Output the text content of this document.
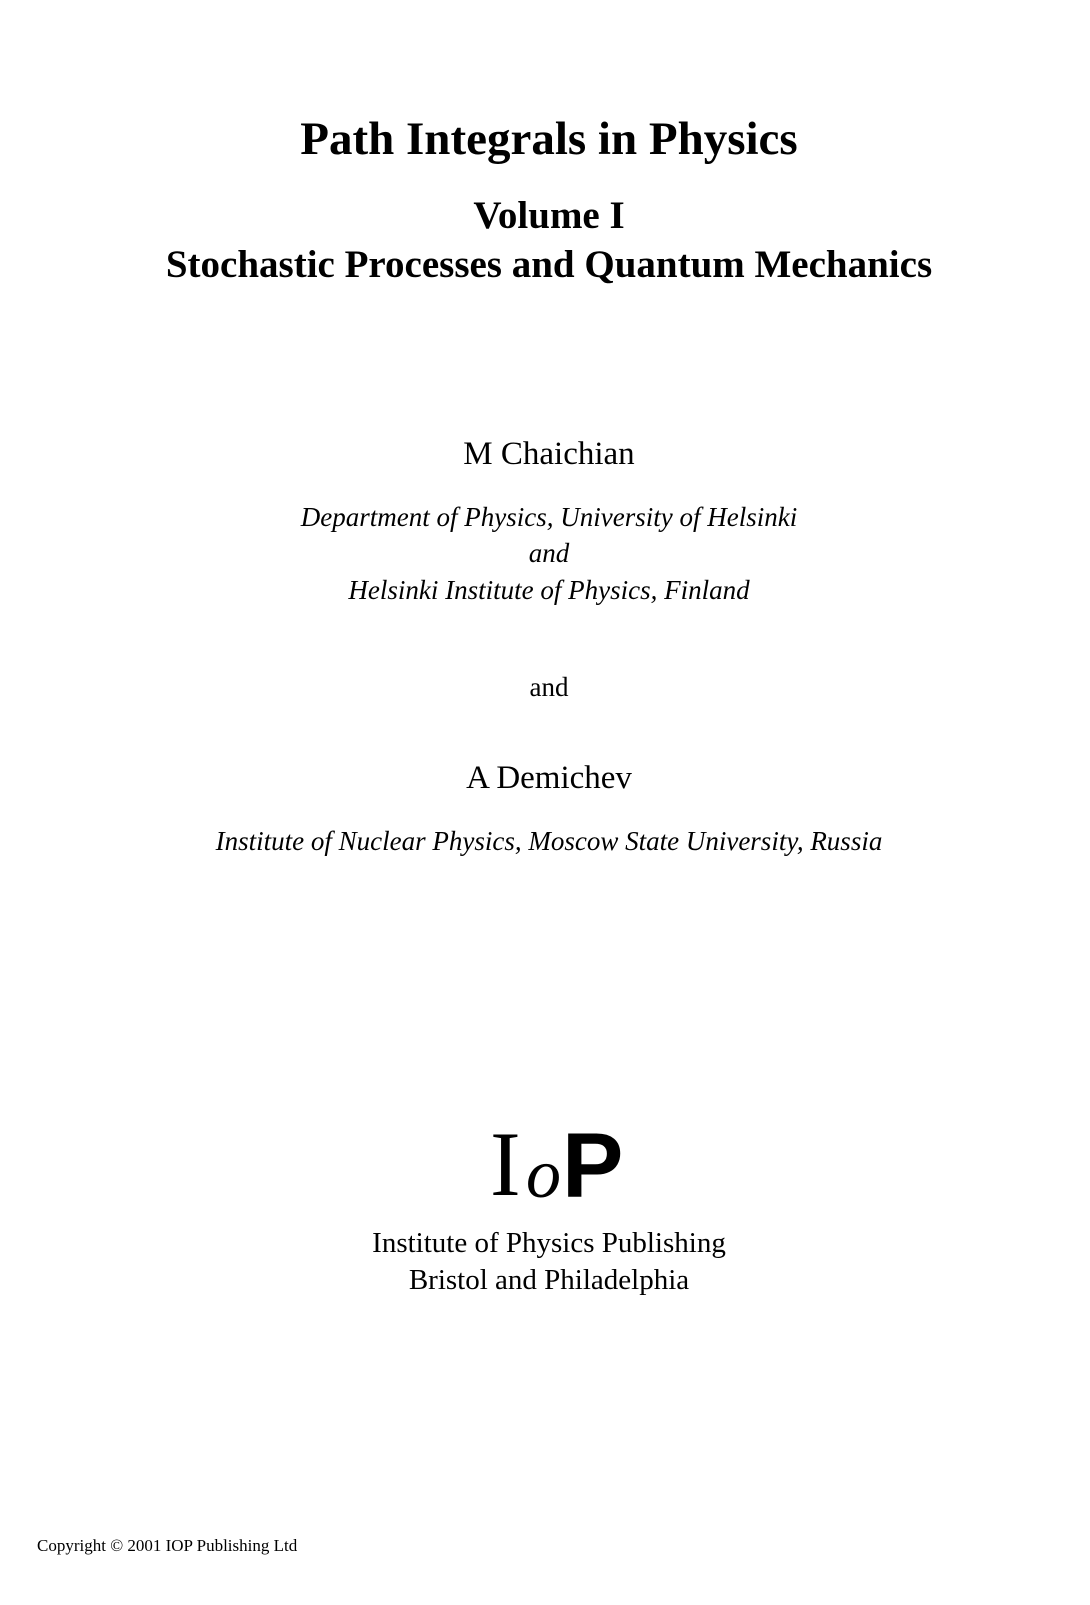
Path Integrals in Physics
Volume I
Stochastic Processes and Quantum Mechanics
M Chaichian
Department of Physics, University of Helsinki
and
Helsinki Institute of Physics, Finland
and
A Demichev
Institute of Nuclear Physics, Moscow State University, Russia
I o P
Institute of Physics Publishing
Bristol and Philadelphia
Copyright © 2001 IOP Publishing Ltd
